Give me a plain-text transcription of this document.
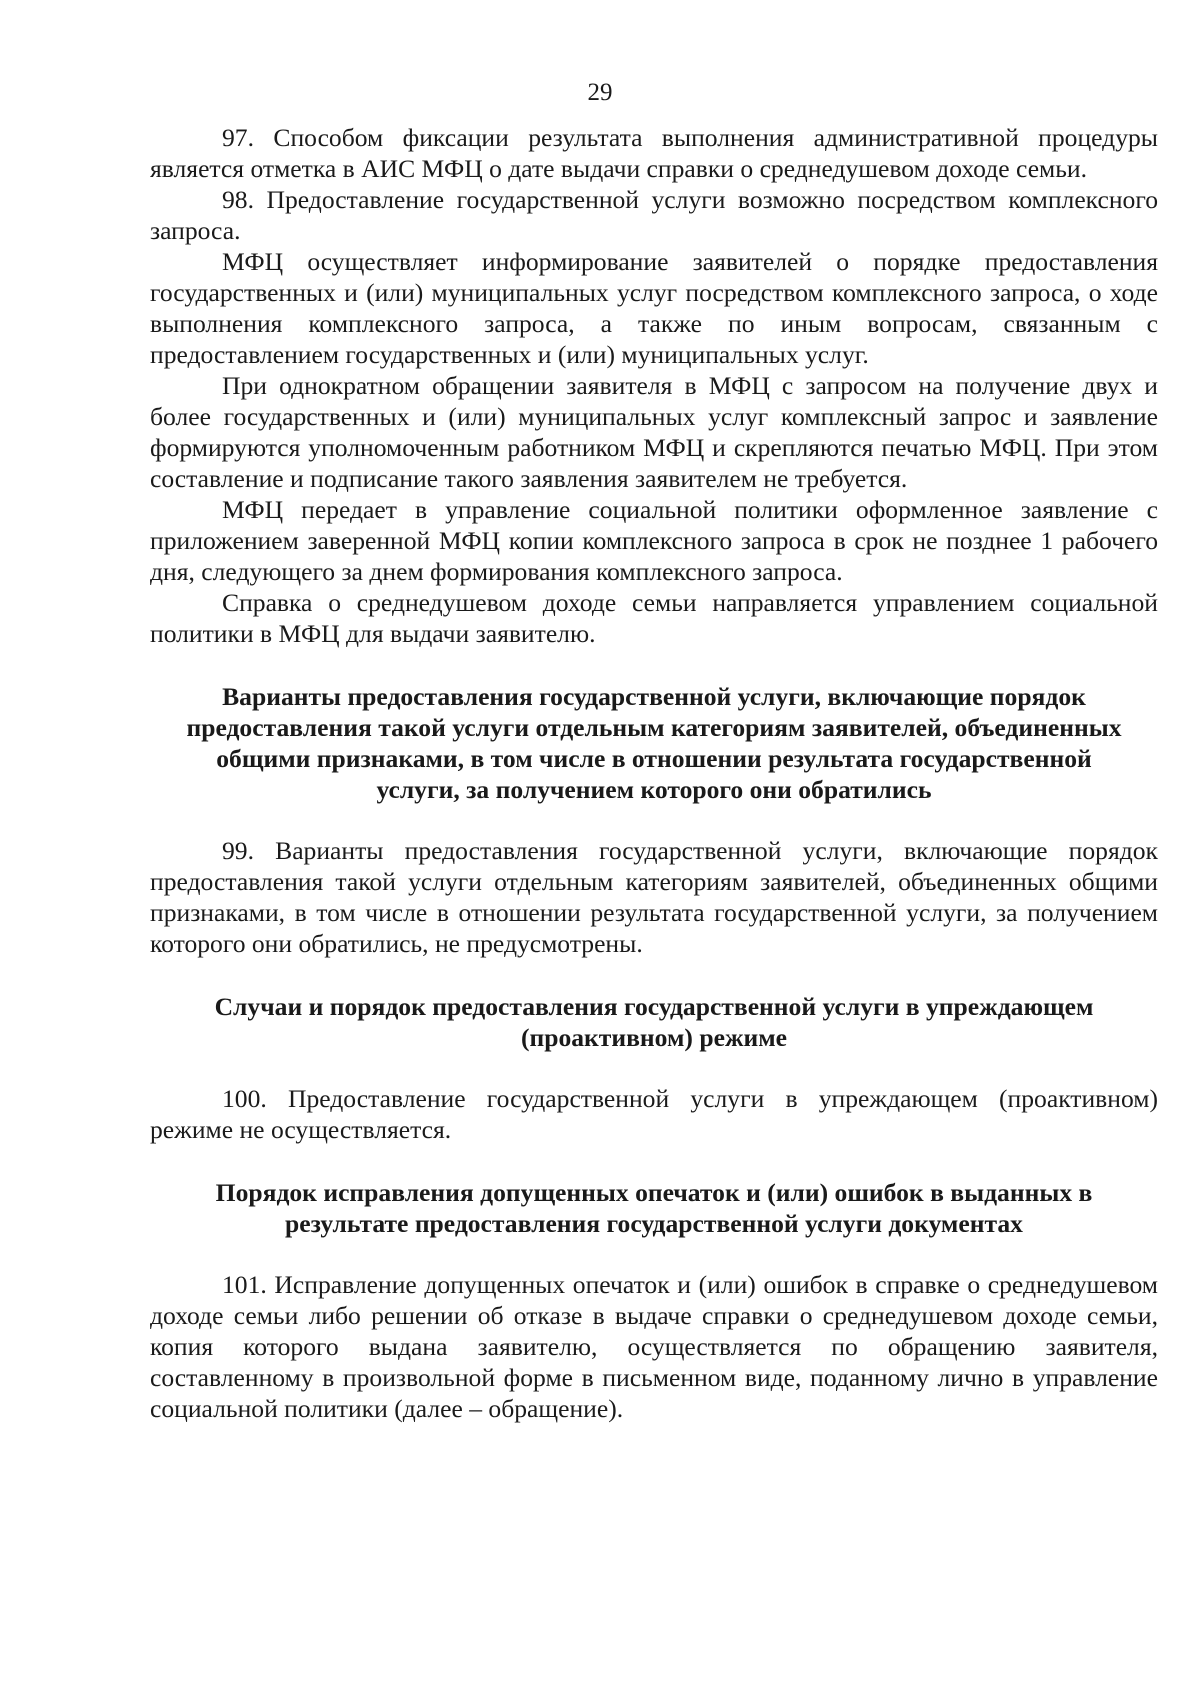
29

97. Способом фиксации результата выполнения административной процедуры является отметка в АИС МФЦ о дате выдачи справки о среднедушевом доходе семьи.

98. Предоставление государственной услуги возможно посредством комплексного запроса.

МФЦ осуществляет информирование заявителей о порядке предоставления государственных и (или) муниципальных услуг посредством комплексного запроса, о ходе выполнения комплексного запроса, а также по иным вопросам, связанным с предоставлением государственных и (или) муниципальных услуг.

При однократном обращении заявителя в МФЦ с запросом на получение двух и более государственных и (или) муниципальных услуг комплексный запрос и заявление формируются уполномоченным работником МФЦ и скрепляются печатью МФЦ. При этом составление и подписание такого заявления заявителем не требуется.

МФЦ передает в управление социальной политики оформленное заявление с приложением заверенной МФЦ копии комплексного запроса в срок не позднее 1 рабочего дня, следующего за днем формирования комплексного запроса.

Справка о среднедушевом доходе семьи направляется управлением социальной политики в МФЦ для выдачи заявителю.

Варианты предоставления государственной услуги, включающие порядок предоставления такой услуги отдельным категориям заявителей, объединенных общими признаками, в том числе в отношении результата государственной услуги, за получением которого они обратились

99. Варианты предоставления государственной услуги, включающие порядок предоставления такой услуги отдельным категориям заявителей, объединенных общими признаками, в том числе в отношении результата государственной услуги, за получением которого они обратились, не предусмотрены.

Случаи и порядок предоставления государственной услуги в упреждающем (проактивном) режиме

100. Предоставление государственной услуги в упреждающем (проактивном) режиме не осуществляется.

Порядок исправления допущенных опечаток и (или) ошибок в выданных в результате предоставления государственной услуги документах

101. Исправление допущенных опечаток и (или) ошибок в справке о среднедушевом доходе семьи либо решении об отказе в выдаче справки о среднедушевом доходе семьи, копия которого выдана заявителю, осуществляется по обращению заявителя, составленному в произвольной форме в письменном виде, поданному лично в управление социальной политики (далее – обращение).
